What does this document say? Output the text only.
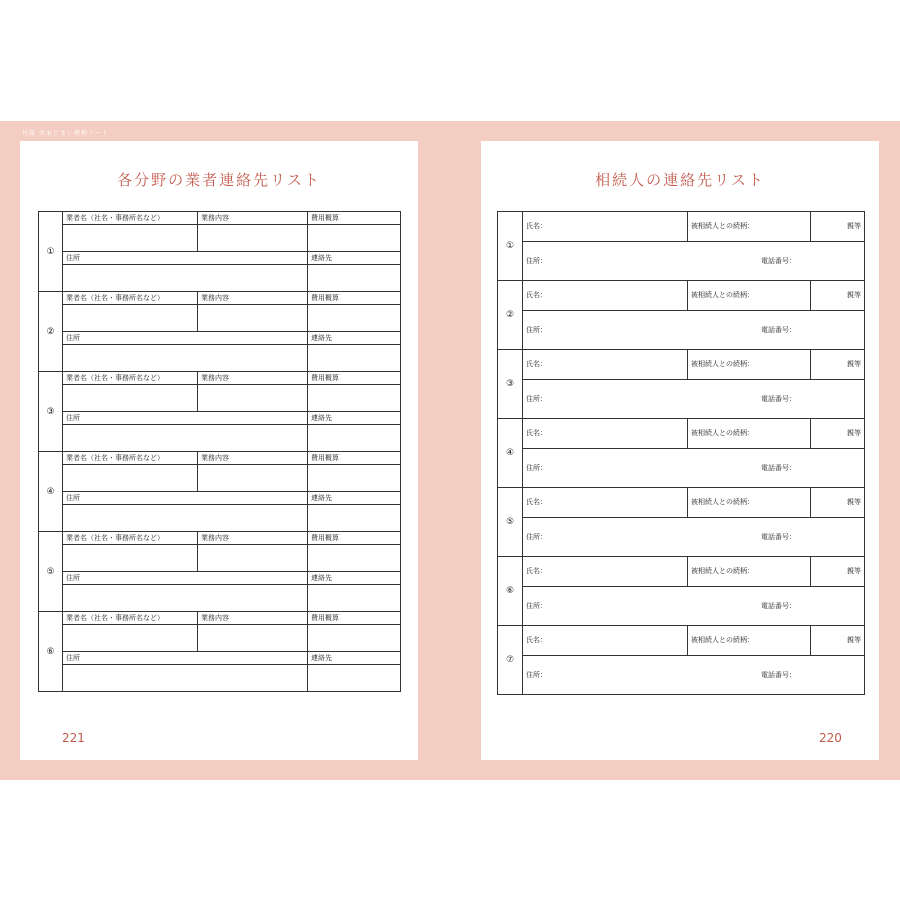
付録 実家じまい便利ノート
各分野の業者連絡先リスト
①	業者名（社名・事務所名など）	業務内容	費用概算

	住所		連絡先

②	業者名（社名・事務所名など）	業務内容	費用概算

	住所		連絡先

③	業者名（社名・事務所名など）	業務内容	費用概算

	住所		連絡先

④	業者名（社名・事務所名など）	業務内容	費用概算

	住所		連絡先

⑤	業者名（社名・事務所名など）	業務内容	費用概算

	住所		連絡先

⑥	業者名（社名・事務所名など）	業務内容	費用概算

	住所		連絡先

221
相続人の連絡先リスト
①	氏名：	被相続人との続柄：	親等
	住所： 電話番号：		
②	氏名：	被相続人との続柄：	親等
	住所： 電話番号：		
③	氏名：	被相続人との続柄：	親等
	住所： 電話番号：		
④	氏名：	被相続人との続柄：	親等
	住所： 電話番号：		
⑤	氏名：	被相続人との続柄：	親等
	住所： 電話番号：		
⑥	氏名：	被相続人との続柄：	親等
	住所： 電話番号：		
⑦	氏名：	被相続人との続柄：	親等
	住所： 電話番号：		
220
